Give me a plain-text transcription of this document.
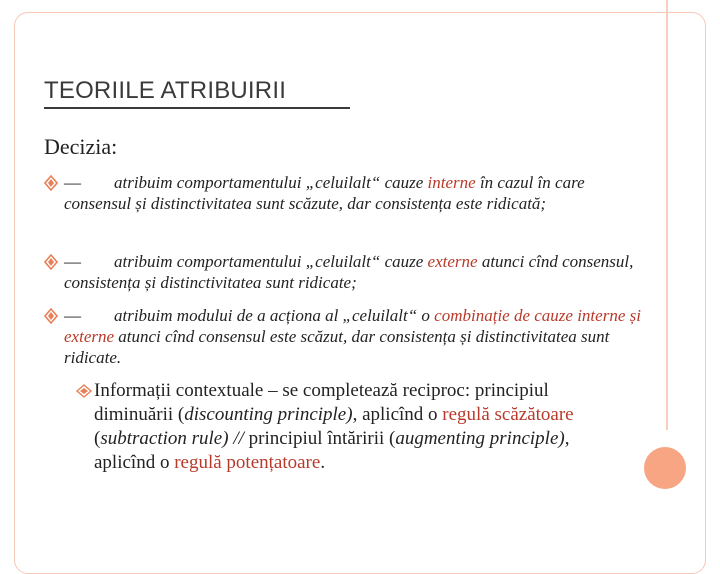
TEORIILE ATRIBUIRII
Decizia:
— atribuim comportamentului „celuilalt“ cauze interne în cazul în care consensul și distinctivitatea sunt scăzute, dar consistența este ridicată;
— atribuim comportamentului „celuilalt“ cauze externe atunci cînd consensul, consistența și distinctivitatea sunt ridicate;
— atribuim modului de a acționa al „celuilalt“ o combinație de cauze interne și externe atunci cînd consensul este scăzut, dar consistența și distinctivitatea sunt ridicate.
Informații contextuale – se completează reciproc: principiul diminuării (discounting principle), aplicînd o regulă scăzătoare (subtraction rule) // principiul întăririi (augmenting principle), aplicînd o regulă potențatoare.
